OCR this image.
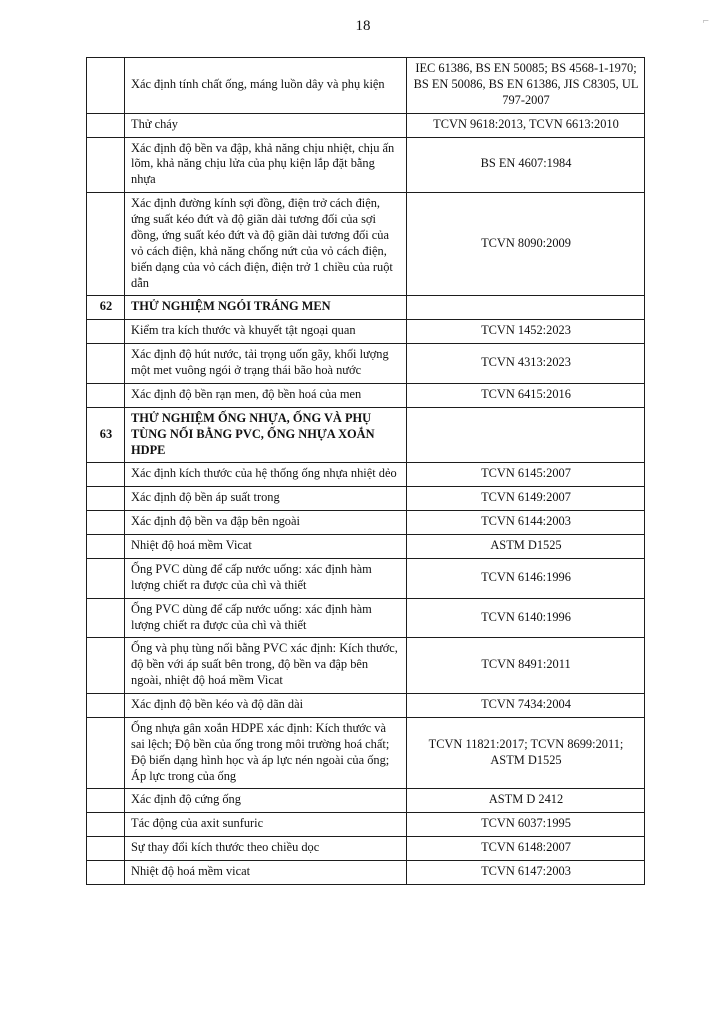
18	⌐
	Xác định tính chất ống, máng luồn dây và phụ kiện	IEC 61386, BS EN 50085; BS 4568-1-1970; BS EN 50086, BS EN 61386, JIS C8305, UL 797-2007
	Thử cháy	TCVN 9618:2013, TCVN 6613:2010
	Xác định độ bền va đập, khả năng chịu nhiệt, chịu ấn lõm, khả năng chịu lửa của phụ kiện lắp đặt bằng nhựa	BS EN 4607:1984
	Xác định đường kính sợi đồng, điện trở cách điện, ứng suất kéo đứt và độ giãn dài tương đối của sợi đồng, ứng suất kéo đứt và độ giãn dài tương đối của vỏ cách điện, khả năng chống nứt của vỏ cách điện, biến dạng của vỏ cách điện, điện trở 1 chiều của ruột dẫn	TCVN 8090:2009
62	THỬ NGHIỆM NGÓI TRÁNG MEN	
	Kiểm tra kích thước và khuyết tật ngoại quan	TCVN 1452:2023
	Xác định độ hút nước, tải trọng uốn gãy, khối lượng một met vuông ngói ở trạng thái bão hoà nước	TCVN 4313:2023
	Xác định độ bền rạn men, độ bền hoá của men	TCVN 6415:2016
63	THỬ NGHIỆM ỐNG NHỰA, ỐNG VÀ PHỤ TÙNG NỐI BẰNG PVC, ỐNG NHỰA XOẮN HDPE	
	Xác định kích thước của hệ thống ống nhựa nhiệt dẻo	TCVN 6145:2007
	Xác định độ bền áp suất trong	TCVN 6149:2007
	Xác định độ bền va đập bên ngoài	TCVN 6144:2003
	Nhiệt độ hoá mềm Vicat	ASTM D1525
	Ống PVC dùng để cấp nước uống: xác định hàm lượng chiết ra được của chì và thiết	TCVN 6146:1996
	Ống PVC dùng để cấp nước uống: xác định hàm lượng chiết ra được của chì và thiết	TCVN 6140:1996
	Ống và phụ tùng nối bằng PVC xác định: Kích thước, độ bền với áp suất bên trong, độ bền va đập bên ngoài, nhiệt độ hoá mềm Vicat	TCVN 8491:2011
	Xác định độ bền kéo và độ dãn dài	TCVN 7434:2004
	Ống nhựa gân xoắn HDPE xác định: Kích thước và sai lệch; Độ bền của ống trong môi trường hoá chất; Độ biến dạng hình học và áp lực nén ngoài của ống; Áp lực trong của ống	TCVN 11821:2017; TCVN 8699:2011; ASTM D1525
	Xác định độ cứng ống	ASTM D 2412
	Tác động của axit sunfuric	TCVN 6037:1995
	Sự thay đổi kích thước theo chiều dọc	TCVN 6148:2007
	Nhiệt độ hoá mềm vicat	TCVN 6147:2003
